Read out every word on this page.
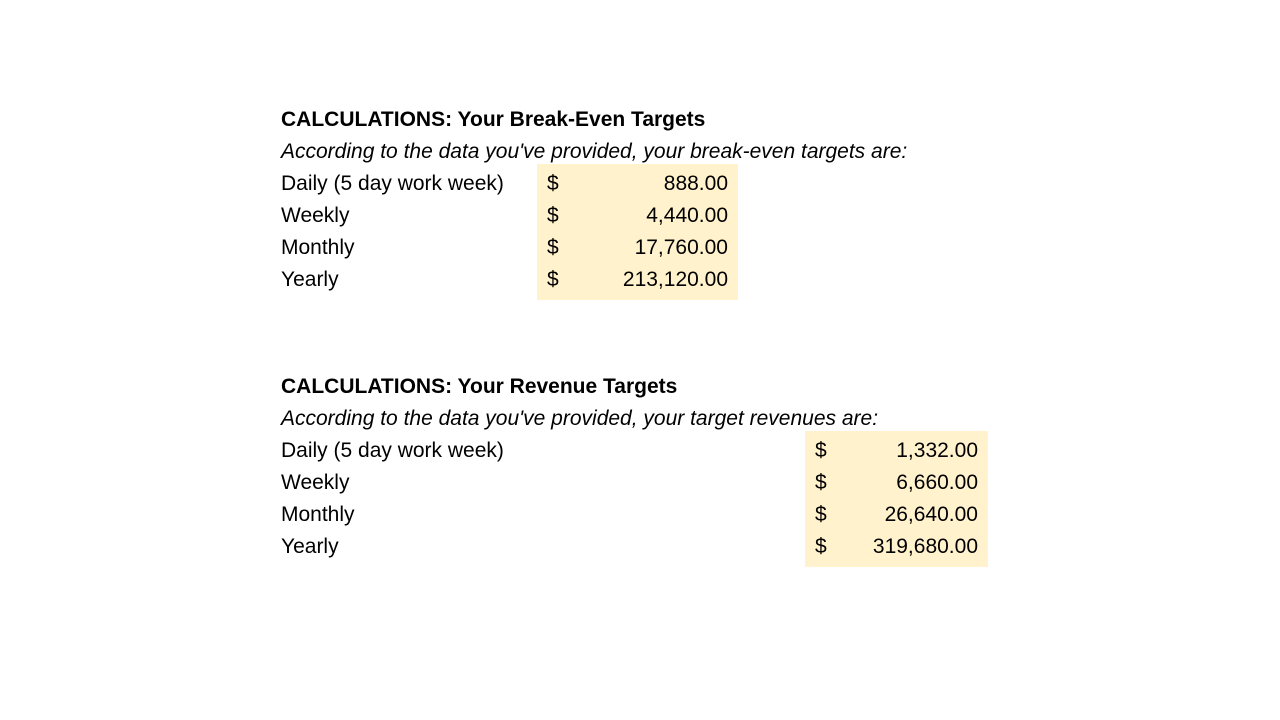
CALCULATIONS: Your Break-Even Targets
According to the data you've provided, your break-even targets are:
Daily (5 day work week) $	888.00
Weekly	$	4,440.00
Monthly	$	17,760.00
Yearly	$	213,120.00
CALCULATIONS: Your Revenue Targets
According to the data you've provided, your target revenues are:
Daily (5 day work week)	$	1,332.00
Weekly	$	6,660.00
Monthly	$	26,640.00
Yearly	$ 319,680.00
